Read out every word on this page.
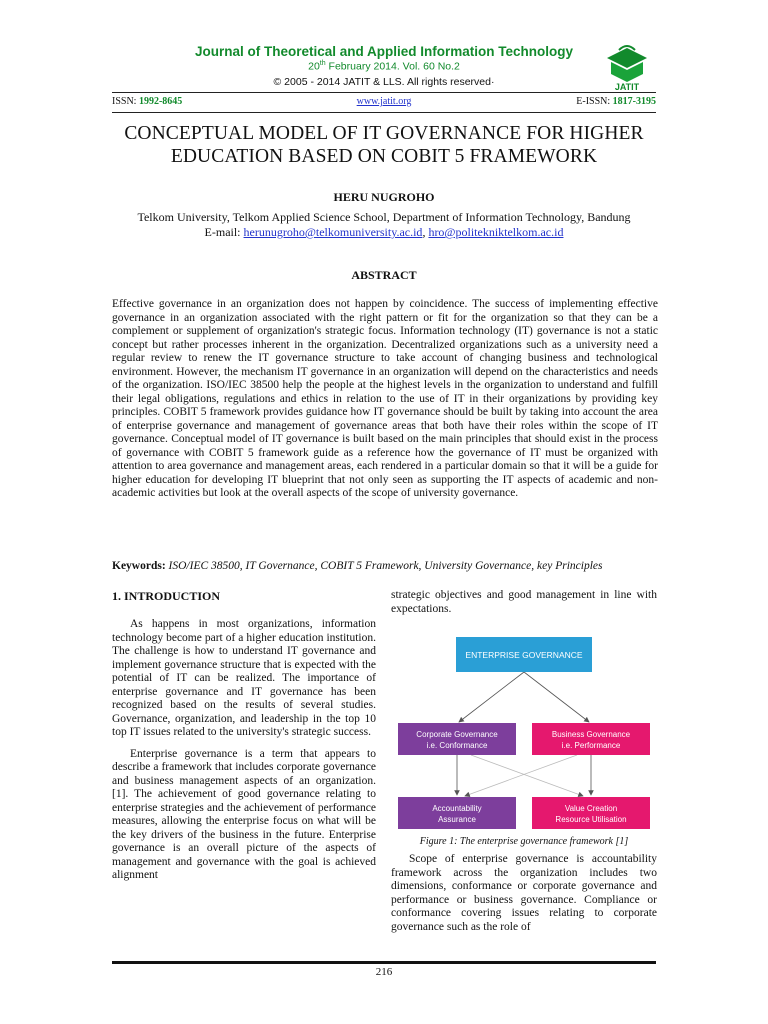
Journal of Theoretical and Applied Information Technology
20th February 2014. Vol. 60 No.2
© 2005 - 2014 JATIT & LLS. All rights reserved·	JATIT
ISSN: 1992-8645	www.jatit.org	E-ISSN: 1817-3195
CONCEPTUAL MODEL OF IT GOVERNANCE FOR HIGHER
EDUCATION BASED ON COBIT 5 FRAMEWORK
HERU NUGROHO
Telkom University, Telkom Applied Science School, Department of Information Technology, Bandung
E-mail: herunugroho@telkomuniversity.ac.id, hro@politekniktelkom.ac.id
ABSTRACT

Effective governance in an organization does not happen by coincidence. The success of implementing effective governance in an organization associated with the right pattern or fit for the organization so that they can be a complement or supplement of organization's strategic focus. Information technology (IT) governance is not a static concept but rather processes inherent in the organization. Decentralized organizations such as a university need a regular review to renew the IT governance structure to take account of changing business and technological environment. However, the mechanism IT governance in an organization will depend on the characteristics and needs of the organization. ISO/IEC 38500 help the people at the highest levels in the organization to understand and fulfill their legal obligations, regulations and ethics in relation to the use of IT in their organizations by providing key principles. COBIT 5 framework provides guidance how IT governance should be built by taking into account the area of enterprise governance and management of governance areas that both have their roles within the scope of IT governance. Conceptual model of IT governance is built based on the main principles that should exist in the process of governance with COBIT 5 framework guide as a reference how the governance of IT must be organized with attention to area governance and management areas, each rendered in a particular domain so that it will be a guide for higher education for developing IT blueprint that not only seen as supporting the IT aspects of academic and non-academic activities but look at the overall aspects of the scope of university governance.

Keywords: ISO/IEC 38500, IT Governance, COBIT 5 Framework, University Governance, key Principles
1. INTRODUCTION

As happens in most organizations, information technology become part of a higher education institution. The challenge is how to understand IT governance and implement governance structure that is expected with the potential of IT can be realized. The importance of enterprise governance and IT governance has been recognized based on the results of several studies. Governance, organization, and leadership in the top 10 top IT issues related to the university's strategic success.

Enterprise governance is a term that appears to describe a framework that includes corporate governance and business management aspects of an organization. [1]. The achievement of good governance relating to enterprise strategies and the achievement of performance measures, allowing the enterprise focus on what will be the key drivers of the business in the future. Enterprise governance is an overall picture of the aspects of management and governance with the goal is achieved alignment

strategic objectives and good management in line with expectations.

ENTERPRISE GOVERNANCE
Corporate Governance
i.e. Conformance
Business Governance
i.e. Performance
Accountability
Assurance
Value Creation
Resource Utilisation
Figure 1: The enterprise governance framework [1]

Scope of enterprise governance is accountability framework across the organization includes two dimensions, conformance or corporate governance and performance or business governance. Compliance or conformance covering issues relating to corporate governance such as the role of

216
